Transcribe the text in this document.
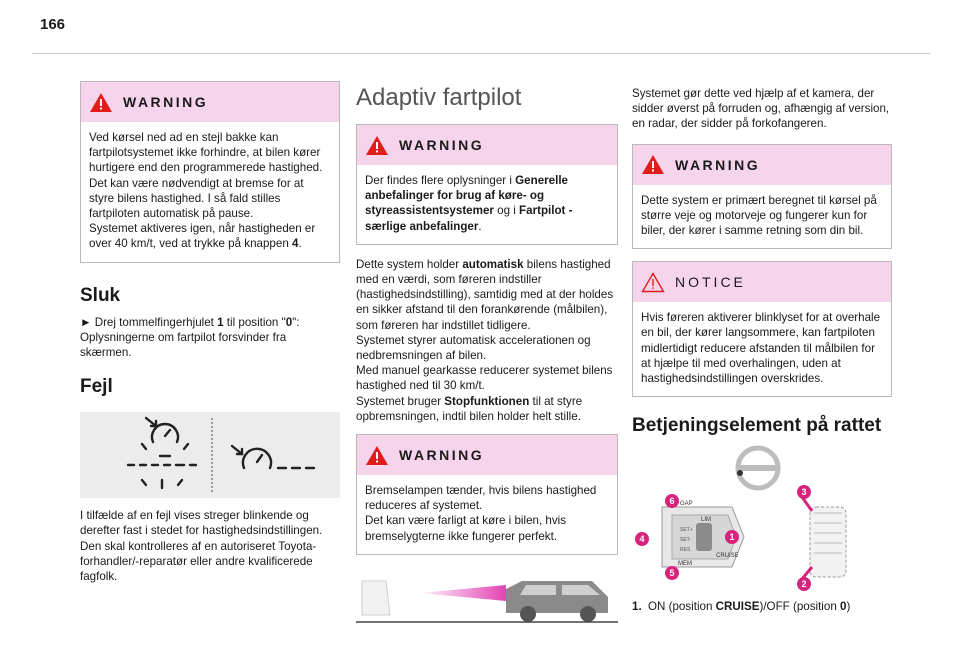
166
WARNING

Ved kørsel ned ad en stejl bakke kan fartpilotsystemet ikke forhindre, at bilen kører hurtigere end den programmerede hastighed.

Det kan være nødvendigt at bremse for at styre bilens hastighed. I så fald stilles fartpiloten automatisk på pause.

Systemet aktiveres igen, når hastigheden er over 40 km/t, ved at trykke på knappen 4.

Sluk

► Drej tommelfingerhjulet 1 til position "0":

Oplysningerne om fartpilot forsvinder fra skærmen.

Fejl
I tilfælde af en fejl vises streger blinkende og derefter fast i stedet for hastighedsindstillingen. Den skal kontrolleres af en autoriseret Toyota-forhandler/-reparatør eller andre kvalificerede fagfolk.
Adaptiv fartpilot
WARNING

Der findes flere oplysninger i Generelle anbefalinger for brug af køre- og styreassistentsystemer og i Fartpilot - særlige anbefalinger.

Dette system holder automatisk bilens hastighed med en værdi, som føreren indstiller (hastighedsindstilling), samtidig med at der holdes en sikker afstand til den forankørende (målbilen), som føreren har indstillet tidligere.

Systemet styrer automatisk accelerationen og nedbremsningen af bilen.

Med manuel gearkasse reducerer systemet bilens hastighed ned til 30 km/t.

Systemet bruger Stopfunktionen til at styre opbremsningen, indtil bilen holder helt stille.

WARNING

Bremselampen tænder, hvis bilens hastighed reduceres af systemet.

Det kan være farligt at køre i bilen, hvis bremselygterne ikke fungerer perfekt.

Systemet gør dette ved hjælp af et kamera, der sidder øverst på forruden og, afhængig af version, en radar, der sidder på forkofangeren.
WARNING
Dette system er primært beregnet til kørsel på større veje og motorveje og fungerer kun for biler, der kører i samme retning som din bil.
NOTICE
Hvis føreren aktiverer blinklyset for at overhale en bil, der kører langsommere, kan fartpiloten midlertidigt reducere afstanden til målbilen for at hjælpe til med overhalingen, uden at hastighedsindstillingen overskrides.
Betjeningselement på rattet
LIM
CRUISE
MEM
SET+
SET-
RES
GAP
6
1
4
5
3
2
1. ON (position CRUISE)/OFF (position 0)
